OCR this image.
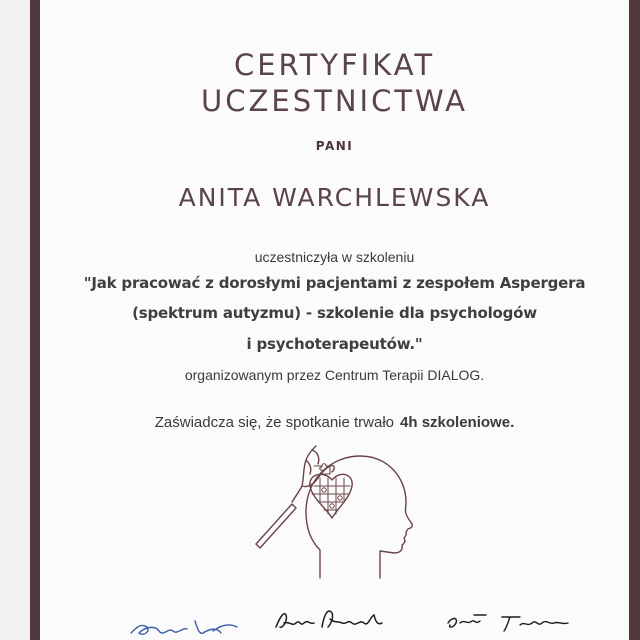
CERTYFIKAT
UCZESTNICTWA
PANI
ANITA WARCHLEWSKA
uczestniczyła w szkoleniu
"Jak pracować z dorosłymi pacjentami z zespołem Aspergera
(spektrum autyzmu) - szkolenie dla psychologów
i psychoterapeutów."
organizowanym przez Centrum Terapii DIALOG.
Zaświadcza się, że spotkanie trwało 4h szkoleniowe.
